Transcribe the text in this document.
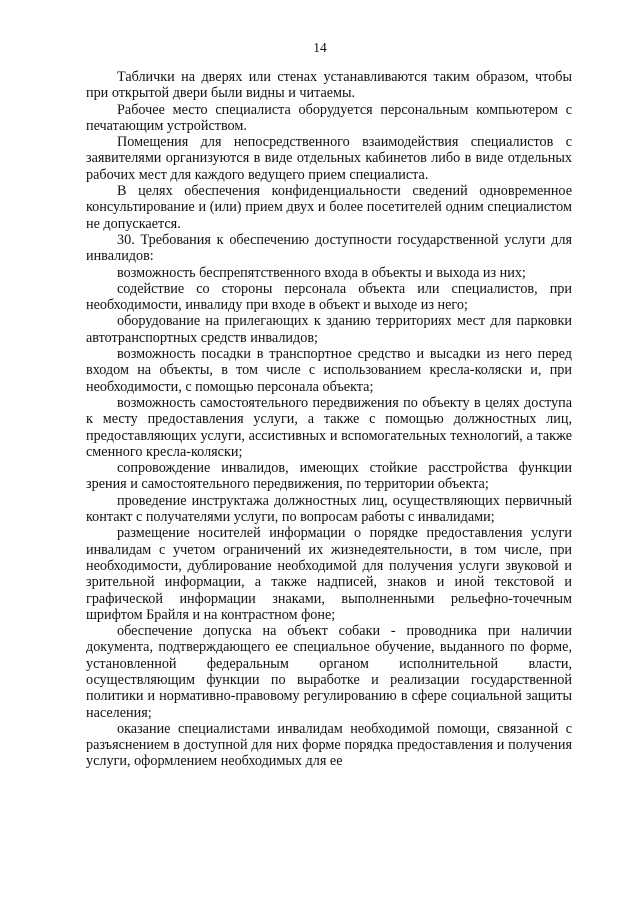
14

Таблички на дверях или стенах устанавливаются таким образом, чтобы при открытой двери были видны и читаемы.

Рабочее место специалиста оборудуется персональным компьютером с печатающим устройством.

Помещения для непосредственного взаимодействия специалистов с заявителями организуются в виде отдельных кабинетов либо в виде отдельных рабочих мест для каждого ведущего прием специалиста.

В целях обеспечения конфиденциальности сведений одновременное консультирование и (или) прием двух и более посетителей одним специалистом не допускается.

30. Требования к обеспечению доступности государственной услуги для инвалидов:

возможность беспрепятственного входа в объекты и выхода из них;

содействие со стороны персонала объекта или специалистов, при необходимости, инвалиду при входе в объект и выходе из него;

оборудование на прилегающих к зданию территориях мест для парковки автотранспортных средств инвалидов;

возможность посадки в транспортное средство и высадки из него перед входом на объекты, в том числе с использованием кресла-коляски и, при необходимости, с помощью персонала объекта;

возможность самостоятельного передвижения по объекту в целях доступа к месту предоставления услуги, а также с помощью должностных лиц, предоставляющих услуги, ассистивных и вспомогательных технологий, а также сменного кресла-коляски;

сопровождение инвалидов, имеющих стойкие расстройства функции зрения и самостоятельного передвижения, по территории объекта;

проведение инструктажа должностных лиц, осуществляющих первичный контакт с получателями услуги, по вопросам работы с инвалидами;

размещение носителей информации о порядке предоставления услуги инвалидам с учетом ограничений их жизнедеятельности, в том числе, при необходимости, дублирование необходимой для получения услуги звуковой и зрительной информации, а также надписей, знаков и иной текстовой и графической информации знаками, выполненными рельефно-точечным шрифтом Брайля и на контрастном фоне;

обеспечение допуска на объект собаки - проводника при наличии документа, подтверждающего ее специальное обучение, выданного по форме, установленной федеральным органом исполнительной власти, осуществляющим функции по выработке и реализации государственной политики и нормативно-правовому регулированию в сфере социальной защиты населения;

оказание специалистами инвалидам необходимой помощи, связанной с разъяснением в доступной для них форме порядка предоставления и получения услуги, оформлением необходимых для ее
